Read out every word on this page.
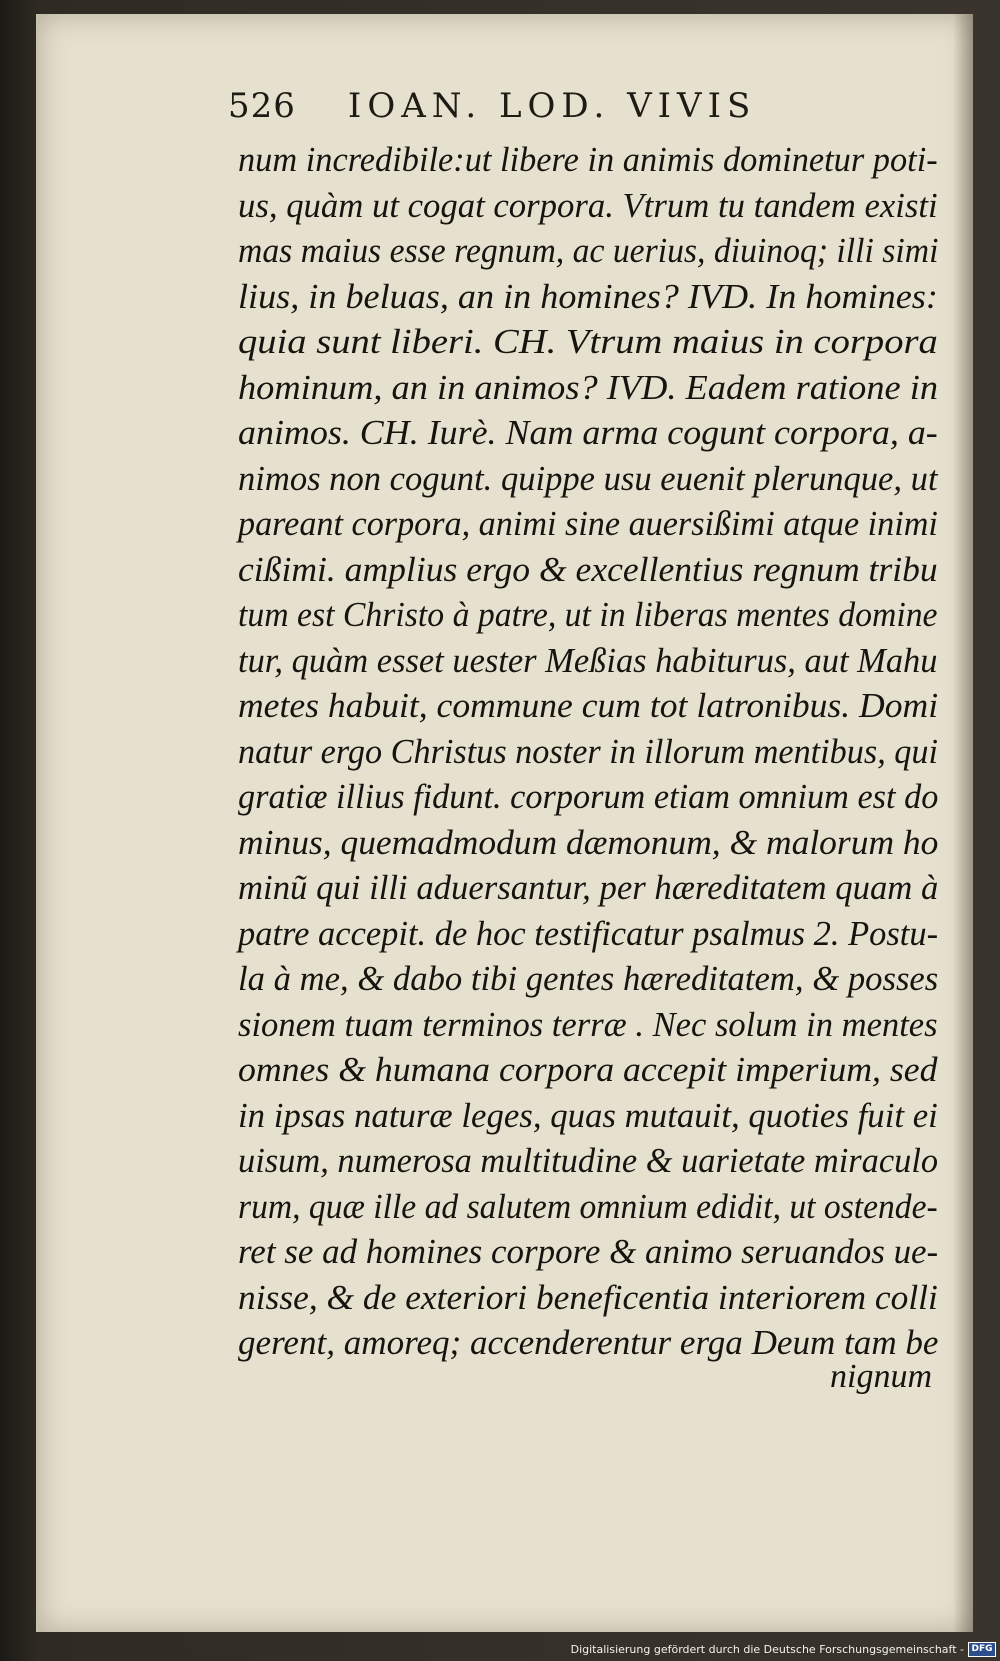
526 IOAN. LOD. VIVIS
num incredibile:ut libere in animis dominetur poti-
us, quàm ut cogat corpora. Vtrum tu tandem existi
mas maius esse regnum, ac uerius, diuinoq; illi simi
lius, in beluas, an in homines? IVD. In homines:
quia sunt liberi. CH. Vtrum maius in corpora
hominum, an in animos? IVD. Eadem ratione in
animos. CH. Iurè. Nam arma cogunt corpora, a-
nimos non cogunt. quippe usu euenit plerunque, ut
pareant corpora, animi sine auersißimi atque inimi
cißimi. amplius ergo & excellentius regnum tribu
tum est Christo à patre, ut in liberas mentes domine
tur, quàm esset uester Meßias habiturus, aut Mahu
metes habuit, commune cum tot latronibus. Domi
natur ergo Christus noster in illorum mentibus, qui
gratiæ illius fidunt. corporum etiam omnium est do
minus, quemadmodum dæmonum, & malorum ho
minũ qui illi aduersantur, per hæreditatem quam à
patre accepit. de hoc testificatur psalmus 2. Postu-
la à me, & dabo tibi gentes hæreditatem, & posses
sionem tuam terminos terræ . Nec solum in mentes
omnes & humana corpora accepit imperium, sed
in ipsas naturæ leges, quas mutauit, quoties fuit ei
uisum, numerosa multitudine & uarietate miraculo
rum, quæ ille ad salutem omnium edidit, ut ostende-
ret se ad homines corpore & animo seruandos ue-
nisse, & de exteriori beneficentia interiorem colli
gerent, amoreq; accenderentur erga Deum tam be
nignum
Digitalisierung gefördert durch die Deutsche Forschungsgemeinschaft - DFG
